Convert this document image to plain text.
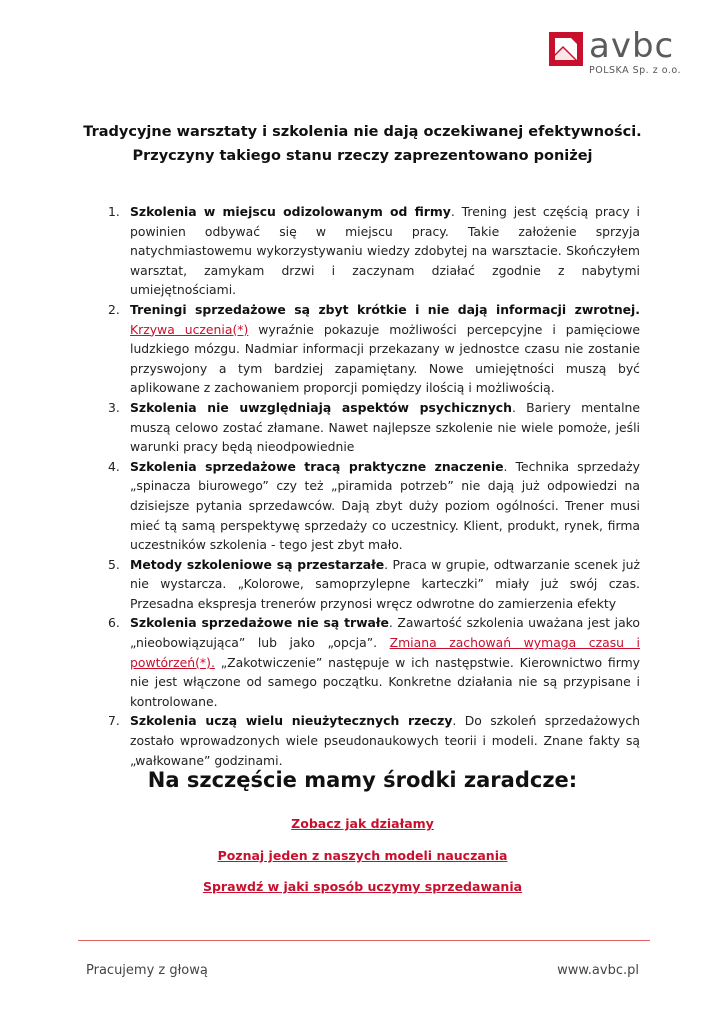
avbc
POLSKA Sp. z o.o.
Tradycyjne warsztaty i szkolenia nie dają oczekiwanej efektywności.
Przyczyny takiego stanu rzeczy zaprezentowano poniżej
1. Szkolenia w miejscu odizolowanym od firmy. Trening jest częścią pracy i powinien odbywać się w miejscu pracy. Takie założenie sprzyja natychmiastowemu wykorzystywaniu wiedzy zdobytej na warsztacie. Skończyłem warsztat, zamykam drzwi i zaczynam działać zgodnie z nabytymi umiejętnościami.
2. Treningi sprzedażowe są zbyt krótkie i nie dają informacji zwrotnej. Krzywa uczenia(*) wyraźnie pokazuje możliwości percepcyjne i pamięciowe ludzkiego mózgu. Nadmiar informacji przekazany w jednostce czasu nie zostanie przyswojony a tym bardziej zapamiętany. Nowe umiejętności muszą być aplikowane z zachowaniem proporcji pomiędzy ilością i możliwością.
3. Szkolenia nie uwzględniają aspektów psychicznych. Bariery mentalne muszą celowo zostać złamane. Nawet najlepsze szkolenie nie wiele pomoże, jeśli warunki pracy będą nieodpowiednie
4. Szkolenia sprzedażowe tracą praktyczne znaczenie. Technika sprzedaży „spinacza biurowego” czy też „piramida potrzeb” nie dają już odpowiedzi na dzisiejsze pytania sprzedawców. Dają zbyt duży poziom ogólności. Trener musi mieć tą samą perspektywę sprzedaży co uczestnicy. Klient, produkt, rynek, firma uczestników szkolenia - tego jest zbyt mało.
5. Metody szkoleniowe są przestarzałe. Praca w grupie, odtwarzanie scenek już nie wystarcza. „Kolorowe, samoprzylepne karteczki” miały już swój czas. Przesadna ekspresja trenerów przynosi wręcz odwrotne do zamierzenia efekty
6. Szkolenia sprzedażowe nie są trwałe. Zawartość szkolenia uważana jest jako „nieobowiązująca” lub jako „opcja”. Zmiana zachowań wymaga czasu i powtórzeń(*). „Zakotwiczenie” następuje w ich następstwie. Kierownictwo firmy nie jest włączone od samego początku. Konkretne działania nie są przypisane i kontrolowane.
7. Szkolenia uczą wielu nieużytecznych rzeczy. Do szkoleń sprzedażowych zostało wprowadzonych wiele pseudonaukowych teorii i modeli. Znane fakty są „wałkowane” godzinami.
Na szczęście mamy środki zaradcze:
Zobacz jak działamy
Poznaj jeden z naszych modeli nauczania
Sprawdź w jaki sposób uczymy sprzedawania
Pracujemy z głową	www.avbc.pl
